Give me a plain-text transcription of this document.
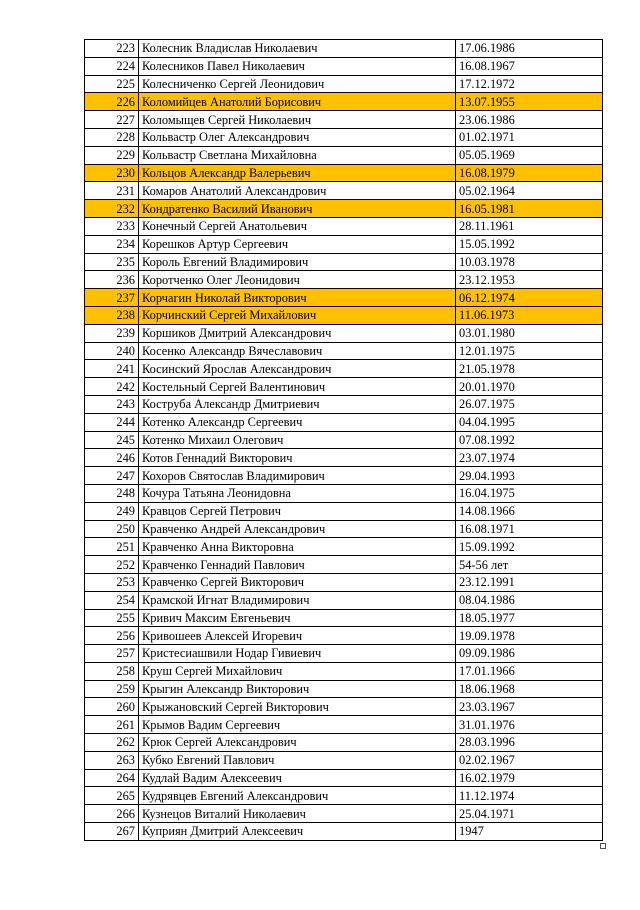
223	Колесник Владислав Николаевич	17.06.1986
224	Колесников Павел Николаевич	16.08.1967
225	Колесниченко Сергей Леонидович	17.12.1972
226	Коломийцев Анатолий Борисович	13.07.1955
227	Коломыщев Сергей Николаевич	23.06.1986
228	Кольвастр Олег Александрович	01.02.1971
229	Кольвастр Светлана Михайловна	05.05.1969
230	Кольцов Александр Валерьевич	16.08.1979
231	Комаров Анатолий Александрович	05.02.1964
232	Кондратенко Василий Иванович	16.05.1981
233	Конечный Сергей Анатольевич	28.11.1961
234	Корешков Артур Сергеевич	15.05.1992
235	Король Евгений Владимирович	10.03.1978
236	Коротченко Олег Леонидович	23.12.1953
237	Корчагин Николай Викторович	06.12.1974
238	Корчинский Сергей Михайлович	11.06.1973
239	Коршиков Дмитрий Александрович	03.01.1980
240	Косенко Александр Вячеславович	12.01.1975
241	Косинский Ярослав Александрович	21.05.1978
242	Костельный Сергей Валентинович	20.01.1970
243	Коструба Александр Дмитриевич	26.07.1975
244	Котенко Александр Сергеевич	04.04.1995
245	Котенко Михаил Олегович	07.08.1992
246	Котов Геннадий Викторович	23.07.1974
247	Кохоров Святослав Владимирович	29.04.1993
248	Кочура Татьяна Леонидовна	16.04.1975
249	Кравцов Сергей Петрович	14.08.1966
250	Кравченко Андрей Александрович	16.08.1971
251	Кравченко Анна Викторовна	15.09.1992
252	Кравченко Геннадий Павлович	54-56 лет
253	Кравченко Сергей Викторович	23.12.1991
254	Крамской Игнат Владимирович	08.04.1986
255	Кривич Максим Евгеньевич	18.05.1977
256	Кривошеев Алексей Игоревич	19.09.1978
257	Кристесиашвили Нодар Гивиевич	09.09.1986
258	Круш Сергей Михайлович	17.01.1966
259	Крыгин Александр Викторович	18.06.1968
260	Крыжановский Сергей Викторович	23.03.1967
261	Крымов Вадим Сергеевич	31.01.1976
262	Крюк Сергей Александрович	28.03.1996
263	Кубко Евгений Павлович	02.02.1967
264	Кудлай Вадим Алексеевич	16.02.1979
265	Кудрявцев Евгений Александрович	11.12.1974
266	Кузнецов Виталий Николаевич	25.04.1971
267	Куприян Дмитрий Алексеевич	1947
